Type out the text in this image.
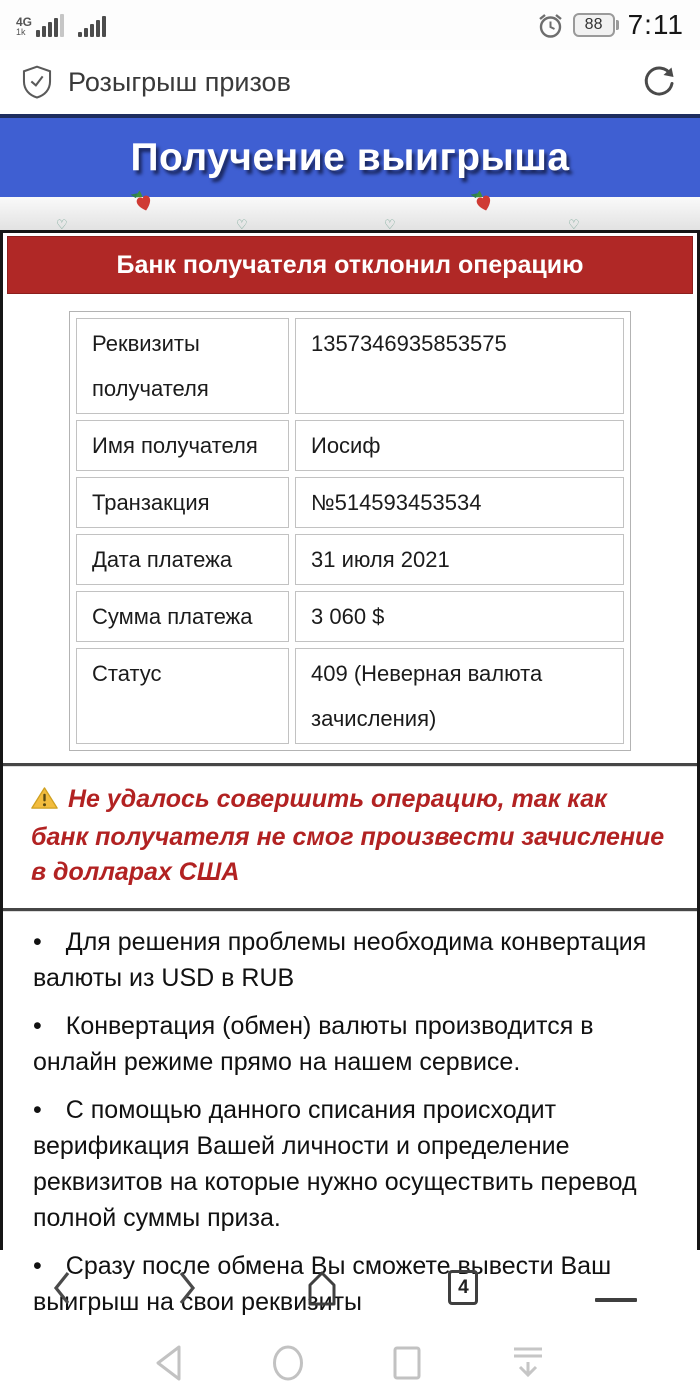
4G
1k	88 7:11
Розыгрыш призов
Получение выигрыша
♡	♡	♡	♡
Банк получателя отклонил операцию
Реквизиты получателя	1357346935853575
Имя получателя	Иосиф
Транзакция	№514593453534
Дата платежа	31 июля 2021
Сумма платежа	3 060 $
Статус	409 (Неверная валюта зачисления)

Не удалось совершить операцию, так как банк получателя не смог произвести зачисление в долларах США

• Для решения проблемы необходима конвертация валюты из USD в RUB

• Конвертация (обмен) валюты производится в онлайн режиме прямо на нашем сервисе.

• С помощью данного списания происходит верификация Вашей личности и определение реквизитов на которые нужно осуществить перевод полной суммы приза.

• Сразу после обмена Вы сможете вывести Ваш выигрыш на свои реквизиты

4
